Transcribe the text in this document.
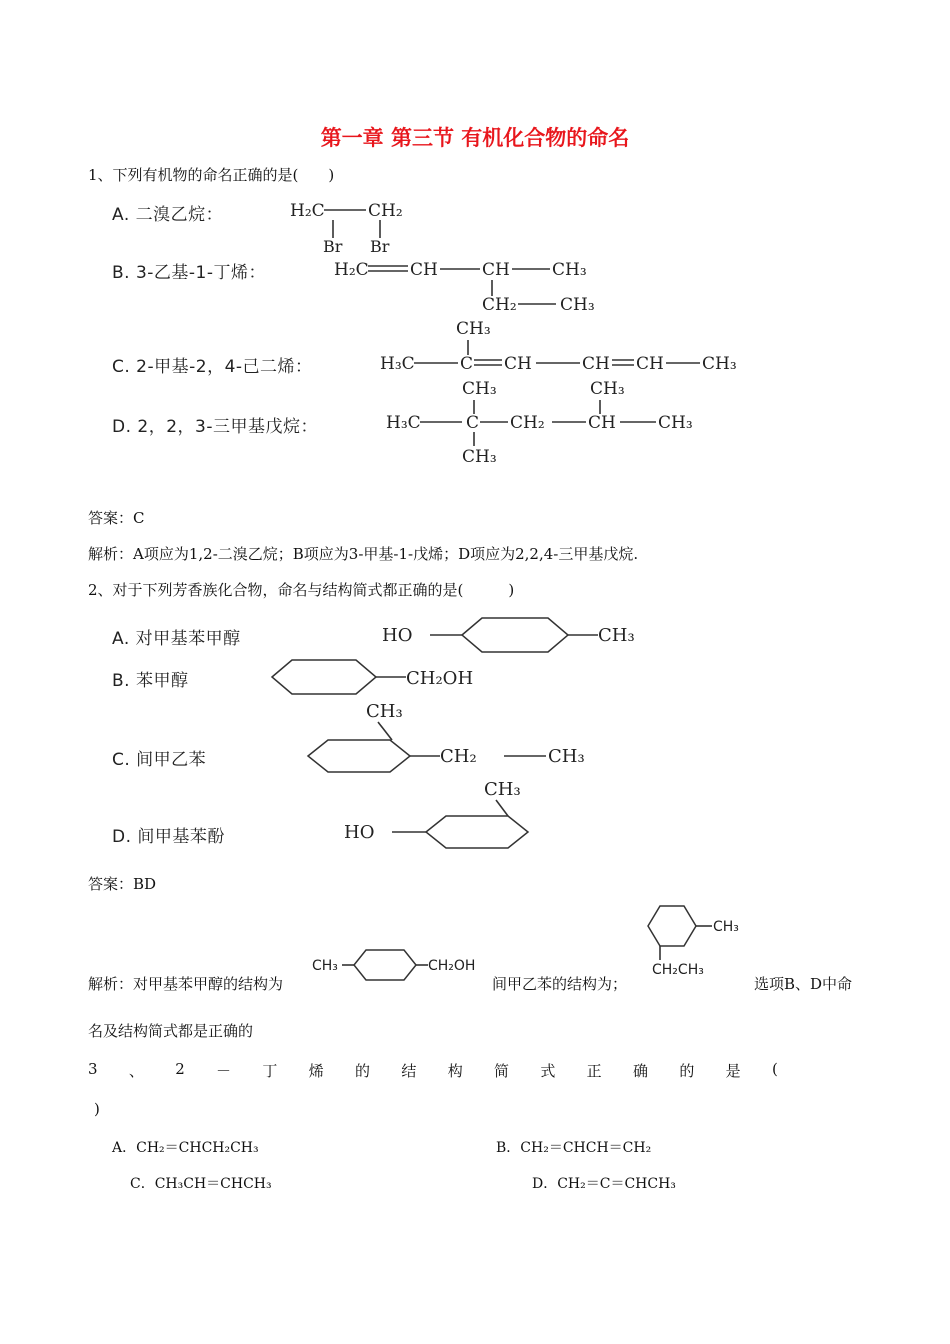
第一章 第三节 有机化合物的命名
1、下列有机物的命名正确的是(　　)
A. 二溴乙烷：
B. 3-乙基-1-丁烯：
C. 2-甲基-2，4-己二烯：
D. 2，2，3-三甲基戊烷：
H₂C	CH₂
Br Br
H₂C CH	CH CH₃
CH₂	CH₃
CH₃
H₃C	C CH	CH CH CH₃
CH₃	CH₃
H₃C	C CH₂	CH CH₃
CH₃
HO	CH₃
CH₂OH
CH₃
CH₂	CH₃
CH₃
HO
CH₃	CH₂OH
CH₃
CH₂CH₃
答案：C
解析：A项应为1,2-二溴乙烷；B项应为3-甲基-1-戊烯；D项应为2,2,4-三甲基戊烷.
2、对于下列芳香族化合物，命名与结构简式都正确的是(　　　)
A. 对甲基苯甲醇
B. 苯甲醇
C. 间甲乙苯
D. 间甲基苯酚
答案：BD
解析：对甲基苯甲醇的结构为	间甲乙苯的结构为；	选项B、D中命
名及结构简式都是正确的
3 、 2 － 丁 烯 的 结 构 简 式 正 确 的 是 (
)
A．CH₂＝CHCH₂CH₃	B．CH₂＝CHCH＝CH₂
C．CH₃CH＝CHCH₃	D．CH₂＝C＝CHCH₃
